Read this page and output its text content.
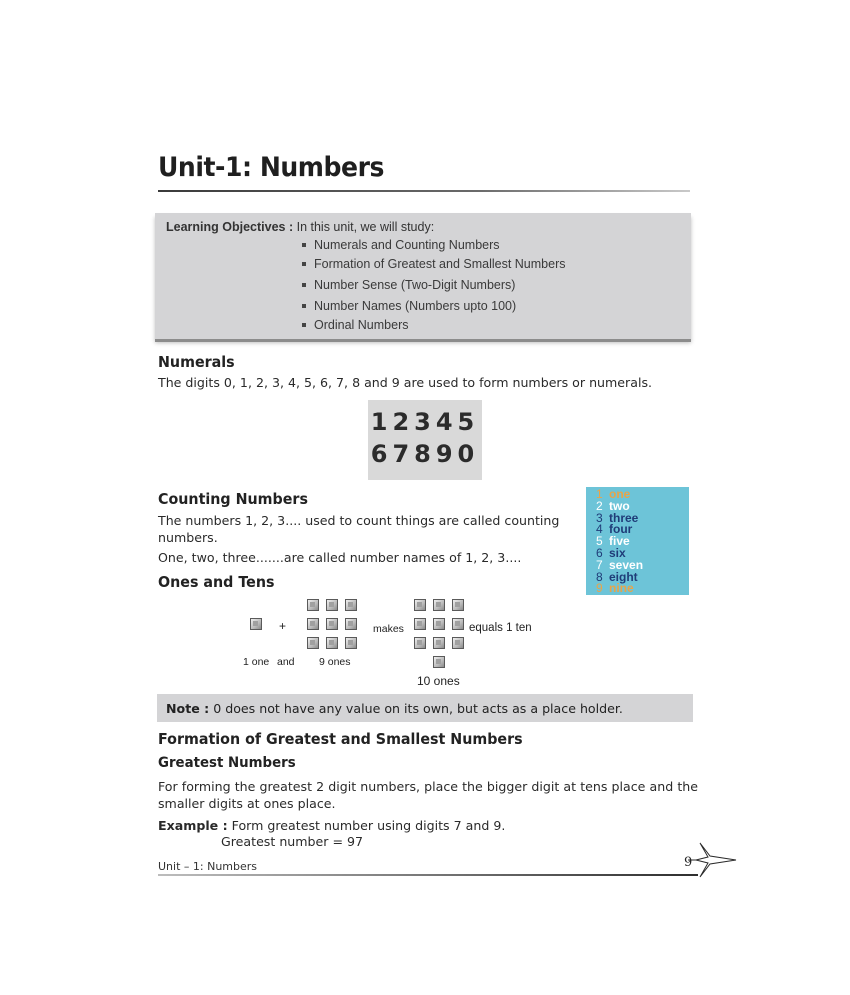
Unit-1: Numbers
Learning Objectives : In this unit, we will study:
Numerals and Counting Numbers
Formation of Greatest and Smallest Numbers
Number Sense (Two-Digit Numbers)
Number Names (Numbers upto 100)
Ordinal Numbers
Numerals
The digits 0, 1, 2, 3, 4, 5, 6, 7, 8 and 9 are used to form numbers or numerals.
12345
67890
Counting Numbers
The numbers 1, 2, 3.... used to count things are called counting
numbers.
One, two, three.......are called number names of 1, 2, 3....
1 one
2 two
3 three
4 four
5 five
6 six
7 seven
8 eight
9 nine
Ones and Tens
+	makes	equals 1 ten
1 one and 9 ones
10 ones
Note : 0 does not have any value on its own, but acts as a place holder.
Formation of Greatest and Smallest Numbers
Greatest Numbers
For forming the greatest 2 digit numbers, place the bigger digit at tens place and the
smaller digits at ones place.
Example : Form greatest number using digits 7 and 9.
Greatest number = 97
Unit – 1: Numbers	9
